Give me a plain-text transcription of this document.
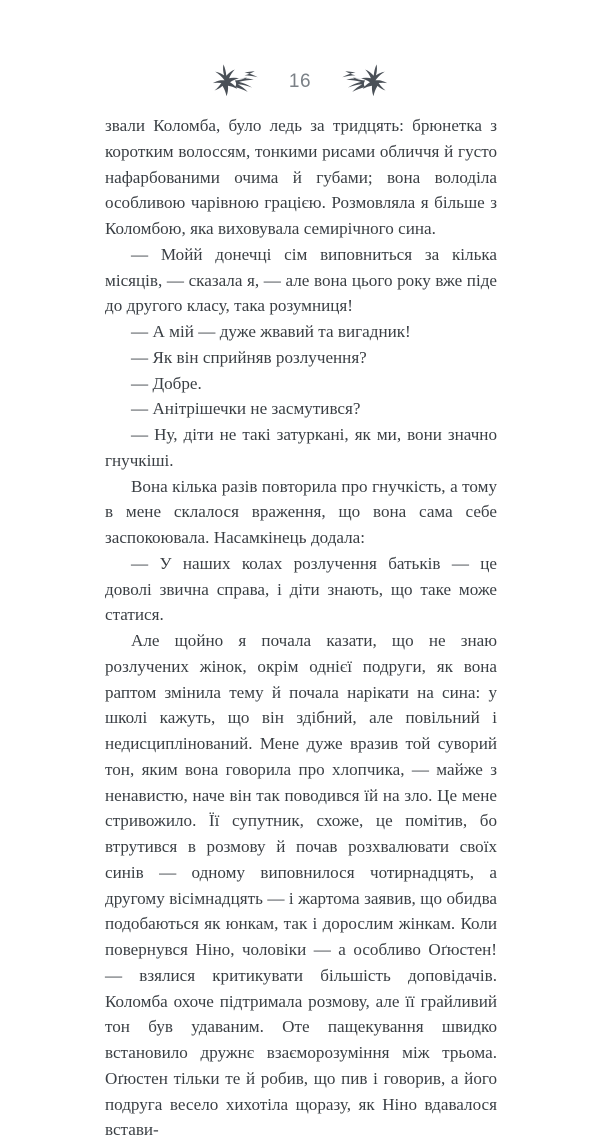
16

звали Коломба, було ледь за тридцять: брюнетка з коротким волоссям, тонкими рисами обличчя й густо нафарбованими очима й губами; вона володіла особливою чарівною грацією. Розмовляла я більше з Коломбою, яка виховувала семирічного сина.

— Мойй донечці сім виповниться за кілька місяців, — сказала я, — але вона цього року вже піде до другого класу, така розумниця!

— А мій — дуже жвавий та вигадник!

— Як він сприйняв розлучення?

— Добре.

— Анітрішечки не засмутився?

— Ну, діти не такі затуркані, як ми, вони значно гнучкіші.

Вона кілька разів повторила про гнучкість, а тому в мене склалося враження, що вона сама себе заспокоювала. Насамкінець додала:

— У наших колах розлучення батьків — це доволі звична справа, і діти знають, що таке може статися.

Але щойно я почала казати, що не знаю розлучених жінок, окрім однієї подруги, як вона раптом змінила тему й почала нарікати на сина: у школі кажуть, що він здібний, але повільний і недисциплінований. Мене дуже вразив той суворий тон, яким вона говорила про хлопчика, — майже з ненавистю, наче він так поводився їй на зло. Це мене стривожило. Її супутник, схоже, це помітив, бо втрутився в розмову й почав розхвалювати своїх синів — одному виповнилося чотирнадцять, а другому вісімнадцять — і жартома заявив, що обидва подобаються як юнкам, так і дорослим жінкам. Коли повернувся Ніно, чоловіки — а особливо Оґюстен! — взялися критикувати більшість доповідачів. Коломба охоче підтримала розмову, але її грайливий тон був удаваним. Оте пащекування швидко встановило дружнє взаєморозуміння між трьома. Оґюстен тільки те й робив, що пив і говорив, а його подруга весело хихотіла щоразу, як Ніно вдавалося встави-
